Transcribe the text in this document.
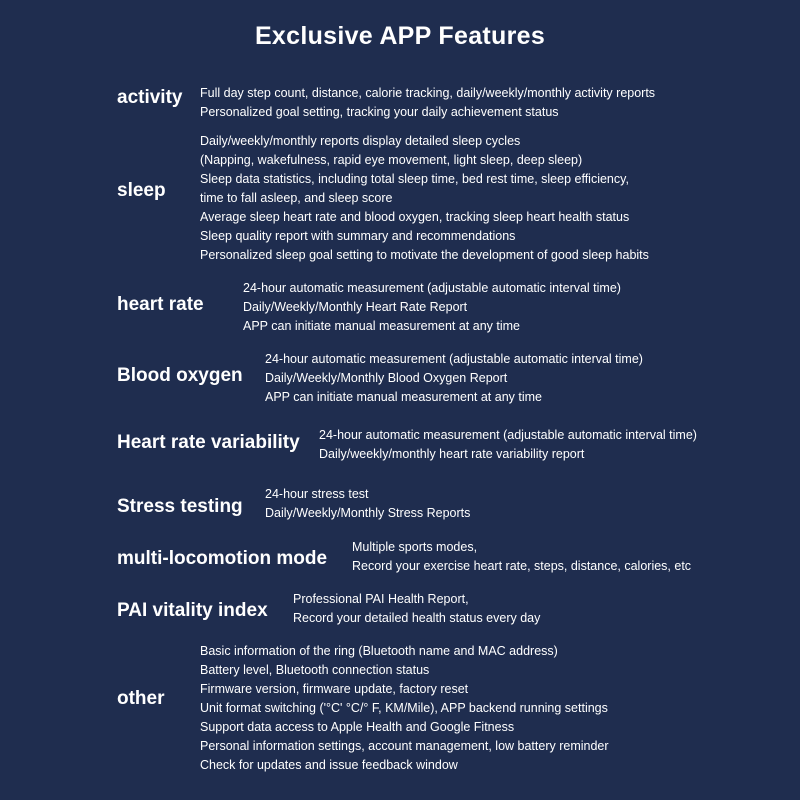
Exclusive APP Features
activity Full day step count, distance, calorie tracking, daily/weekly/monthly activity reports
Personalized goal setting, tracking your daily achievement status
sleep
Daily/weekly/monthly reports display detailed sleep cycles
(Napping, wakefulness, rapid eye movement, light sleep, deep sleep)
Sleep data statistics, including total sleep time, bed rest time, sleep efficiency,
time to fall asleep, and sleep score
Average sleep heart rate and blood oxygen, tracking sleep heart health status
Sleep quality report with summary and recommendations
Personalized sleep goal setting to motivate the development of good sleep habits
heart rate
24-hour automatic measurement (adjustable automatic interval time)
Daily/Weekly/Monthly Heart Rate Report
APP can initiate manual measurement at any time
Blood oxygen
24-hour automatic measurement (adjustable automatic interval time)
Daily/Weekly/Monthly Blood Oxygen Report
APP can initiate manual measurement at any time
Heart rate variability 24-hour automatic measurement (adjustable automatic interval time)
Daily/weekly/monthly heart rate variability report
Stress testing
24-hour stress test
Daily/Weekly/Monthly Stress Reports
multi-locomotion mode
Multiple sports modes,
Record your exercise heart rate, steps, distance, calories, etc
PAI vitality index
Professional PAI Health Report,
Record your detailed health status every day
other
Basic information of the ring (Bluetooth name and MAC address)
Battery level, Bluetooth connection status
Firmware version, firmware update, factory reset
Unit format switching ('°C' °C/° F, KM/Mile), APP backend running settings
Support data access to Apple Health and Google Fitness
Personal information settings, account management, low battery reminder
Check for updates and issue feedback window
